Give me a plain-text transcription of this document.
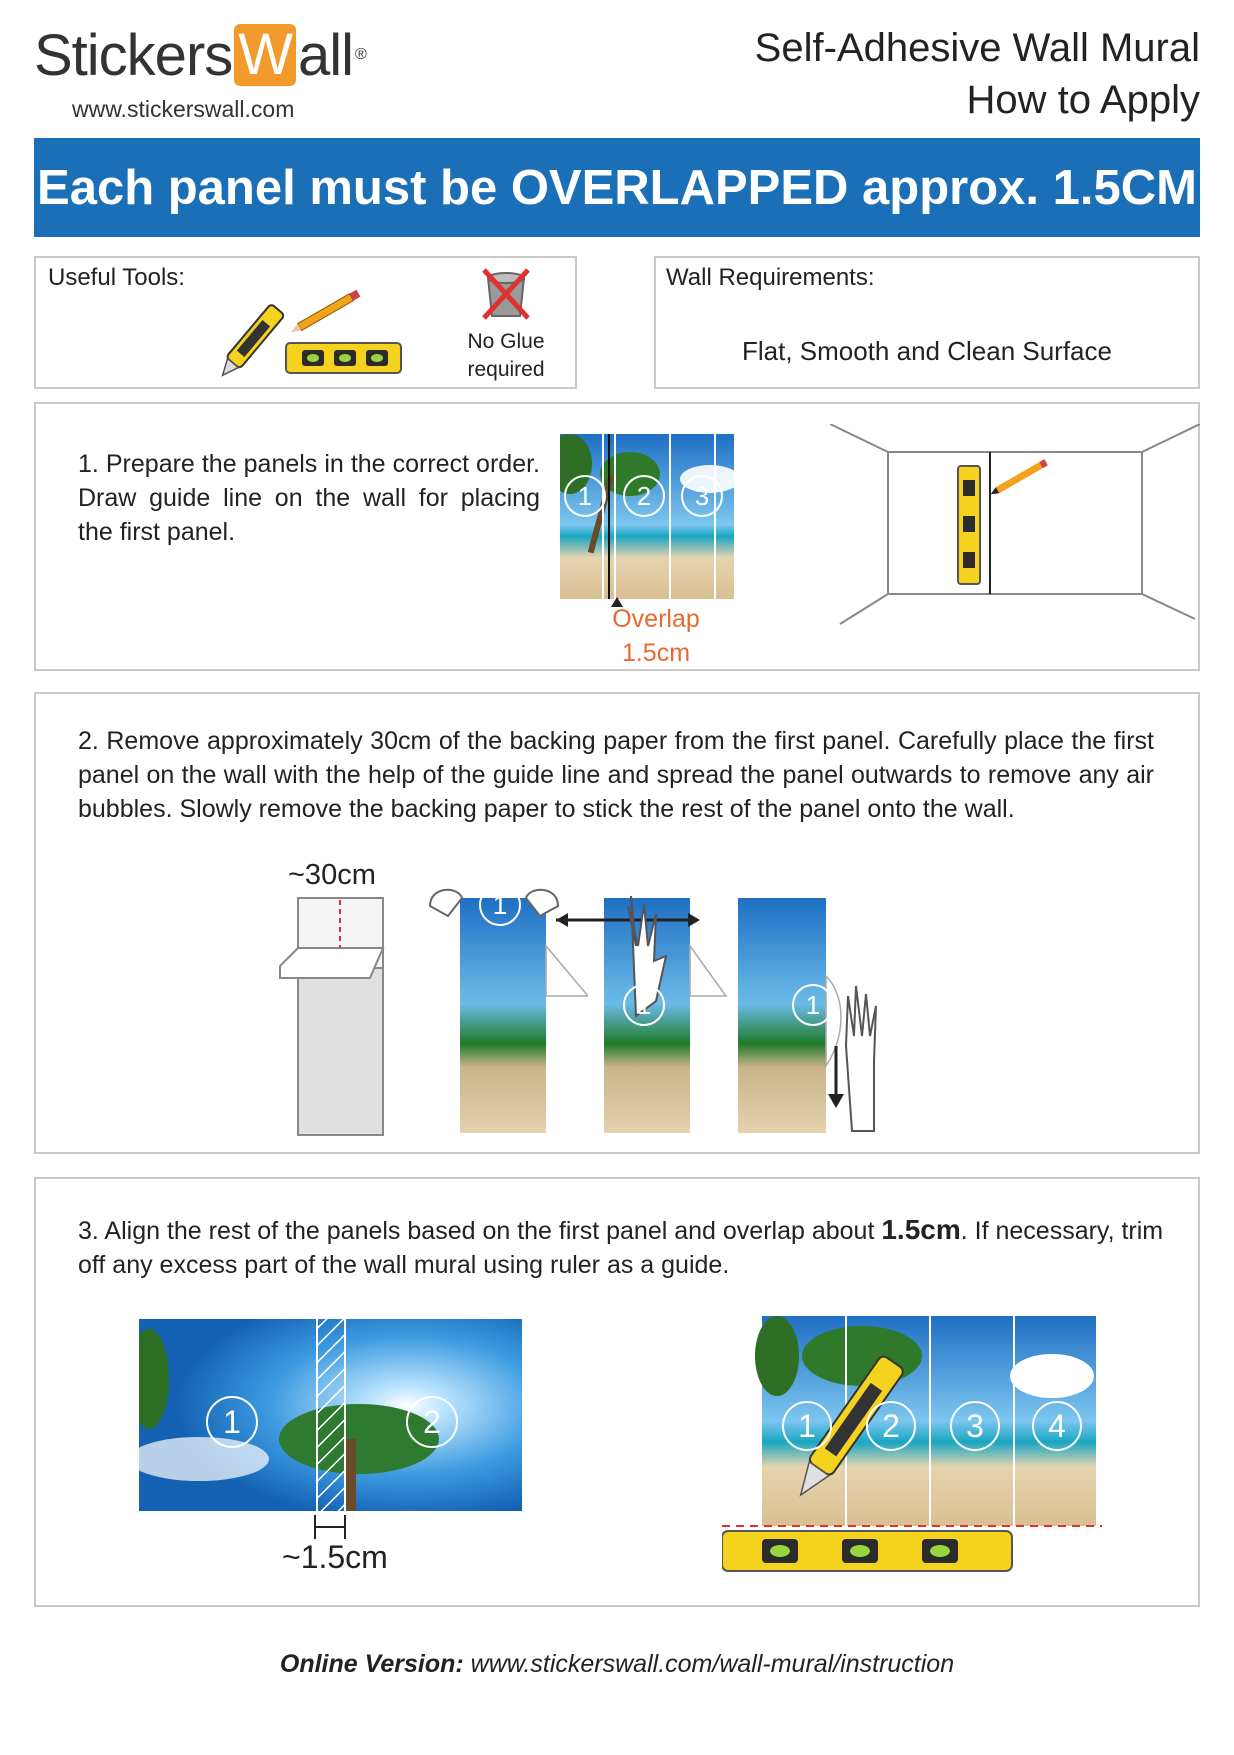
Stickers W all ®
www.stickerswall.com
Self-Adhesive Wall Mural
How to Apply
Each panel must be OVERLAPPED approx. 1.5CM
Useful Tools:
No Glue
required
Wall Requirements:
Flat, Smooth and Clean Surface
1. Prepare the panels in the correct order. Draw guide line on the wall for placing the first panel.
1	2	3	4
Overlap
1.5cm
2. Remove approximately 30cm of the backing paper from the first panel. Carefully place the first panel on the wall with the help of the guide line and spread the panel outwards to remove any air bubbles. Slowly remove the backing paper to stick the rest of the panel onto the wall.
~30cm
1
1	1
3. Align the rest of the panels based on the first panel and overlap about 1.5cm. If necessary, trim off any excess part of the wall mural using ruler as a guide.
1	2
~1.5cm
1	2	3	4
Online Version: www.stickerswall.com/wall-mural/instruction
